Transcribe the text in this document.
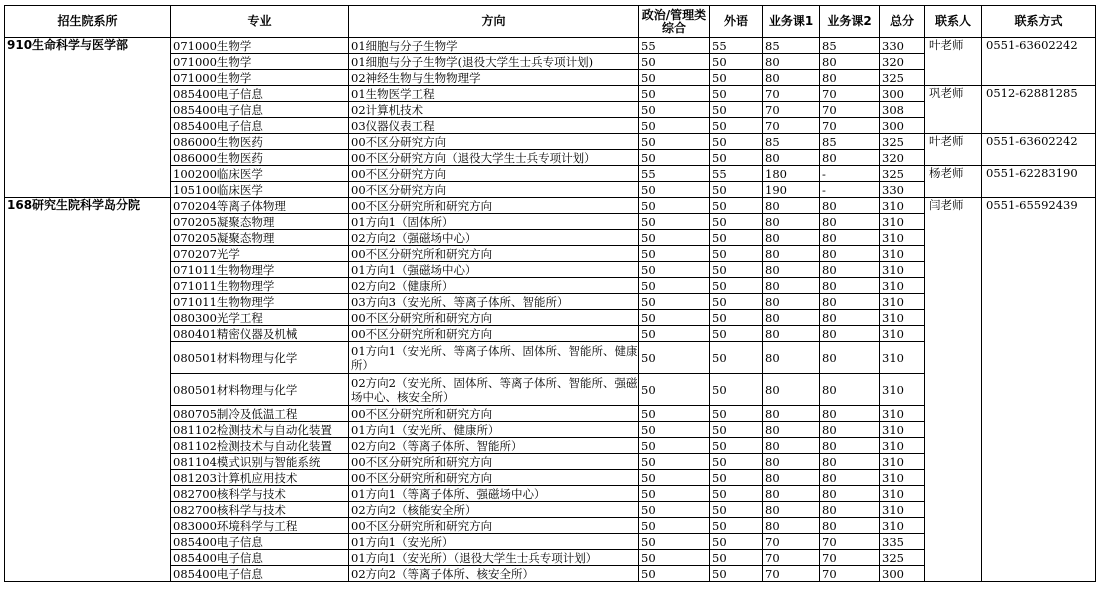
招生院系所	专业	方向	政治/管理类综合	外语	业务课1	业务课2	总分	联系人	联系方式
910生命科学与医学部	071000生物学	01细胞与分子生物学	55	55	85	85	330	叶老师	0551-63602242
	071000生物学	01细胞与分子生物学(退役大学生士兵专项计划)	50	50	80	80	320		
	071000生物学	02神经生物与生物物理学	50	50	80	80	325		
	085400电子信息	01生物医学工程	50	50	70	70	300	巩老师	0512-62881285
	085400电子信息	02计算机技术	50	50	70	70	308		
	085400电子信息	03仪器仪表工程	50	50	70	70	300		
	086000生物医药	00不区分研究方向	50	50	85	85	325	叶老师	0551-63602242
	086000生物医药	00不区分研究方向（退役大学生士兵专项计划）	50	50	80	80	320		
	100200临床医学	00不区分研究方向	55	55	180	-	325	杨老师	0551-62283190
	105100临床医学	00不区分研究方向	50	50	190	-	330		
168研究生院科学岛分院	070204等离子体物理	00不区分研究所和研究方向	50	50	80	80	310	闫老师	0551-65592439
	070205凝聚态物理	01方向1（固体所）	50	50	80	80	310		
	070205凝聚态物理	02方向2（强磁场中心）	50	50	80	80	310		
	070207光学	00不区分研究所和研究方向	50	50	80	80	310		
	071011生物物理学	01方向1（强磁场中心）	50	50	80	80	310		
	071011生物物理学	02方向2（健康所）	50	50	80	80	310		
	071011生物物理学	03方向3（安光所、等离子体所、智能所）	50	50	80	80	310		
	080300光学工程	00不区分研究所和研究方向	50	50	80	80	310		
	080401精密仪器及机械	00不区分研究所和研究方向	50	50	80	80	310		
	080501材料物理与化学	01方向1（安光所、等离子体所、固体所、智能所、健康所）	50	50	80	80	310		
	080501材料物理与化学	02方向2（安光所、固体所、等离子体所、智能所、强磁场中心、核安全所）	50	50	80	80	310		
	080705制冷及低温工程	00不区分研究所和研究方向	50	50	80	80	310		
	081102检测技术与自动化装置	01方向1（安光所、健康所）	50	50	80	80	310		
	081102检测技术与自动化装置	02方向2（等离子体所、智能所）	50	50	80	80	310		
	081104模式识别与智能系统	00不区分研究所和研究方向	50	50	80	80	310		
	081203计算机应用技术	00不区分研究所和研究方向	50	50	80	80	310		
	082700核科学与技术	01方向1（等离子体所、强磁场中心）	50	50	80	80	310		
	082700核科学与技术	02方向2（核能安全所）	50	50	80	80	310		
	083000环境科学与工程	00不区分研究所和研究方向	50	50	80	80	310		
	085400电子信息	01方向1（安光所）	50	50	70	70	335		
	085400电子信息	01方向1（安光所）（退役大学生士兵专项计划）	50	50	70	70	325		
	085400电子信息	02方向2（等离子体所、核安全所）	50	50	70	70	300		
